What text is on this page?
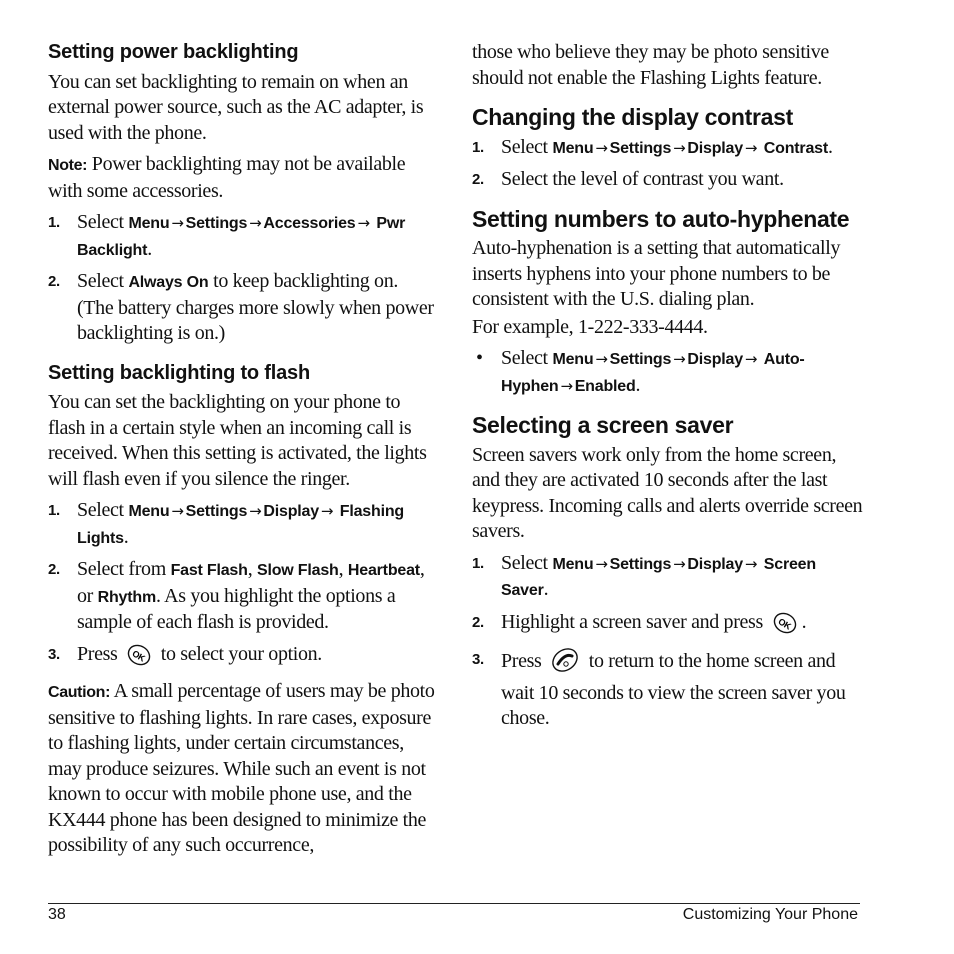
Setting power backlighting

You can set backlighting to remain on when an external power source, such as the AC adapter, is used with the phone.

Note: Power backlighting may not be available with some accessories.

1. Select Menu → Settings → Accessories → Pwr Backlight.
2. Select Always On to keep backlighting on. (The battery charges more slowly when power backlighting is on.)
Setting backlighting to flash

You can set the backlighting on your phone to flash in a certain style when an incoming call is received. When this setting is activated, the lights will flash even if you silence the ringer.

1. Select Menu → Settings → Display → Flashing Lights.
2. Select from Fast Flash, Slow Flash, Heartbeat, or Rhythm. As you highlight the options a sample of each flash is provided.
3. Press OK to select your option.

Caution: A small percentage of users may be photo sensitive to flashing lights. In rare cases, exposure to flashing lights, under certain circumstances, may produce seizures. While such an event is not known to occur with mobile phone use, and the KX444 phone has been designed to minimize the possibility of any such occurrence,

those who believe they may be photo sensitive should not enable the Flashing Lights feature.

Changing the display contrast
1. Select Menu → Settings → Display → Contrast.
2. Select the level of contrast you want.
Setting numbers to auto-hyphenate

Auto-hyphenation is a setting that automatically inserts hyphens into your phone numbers to be consistent with the U.S. dialing plan.

For example, 1-222-333-4444.

• Select Menu → Settings → Display → Auto-Hyphen → Enabled.
Selecting a screen saver

Screen savers work only from the home screen, and they are activated 10 seconds after the last keypress. Incoming calls and alerts override screen savers.

1. Select Menu → Settings → Display → Screen Saver.
2. Highlight a screen saver and press OK .
3. Press to return to the home screen and wait 10 seconds to view the screen saver you chose.
38	Customizing Your Phone
